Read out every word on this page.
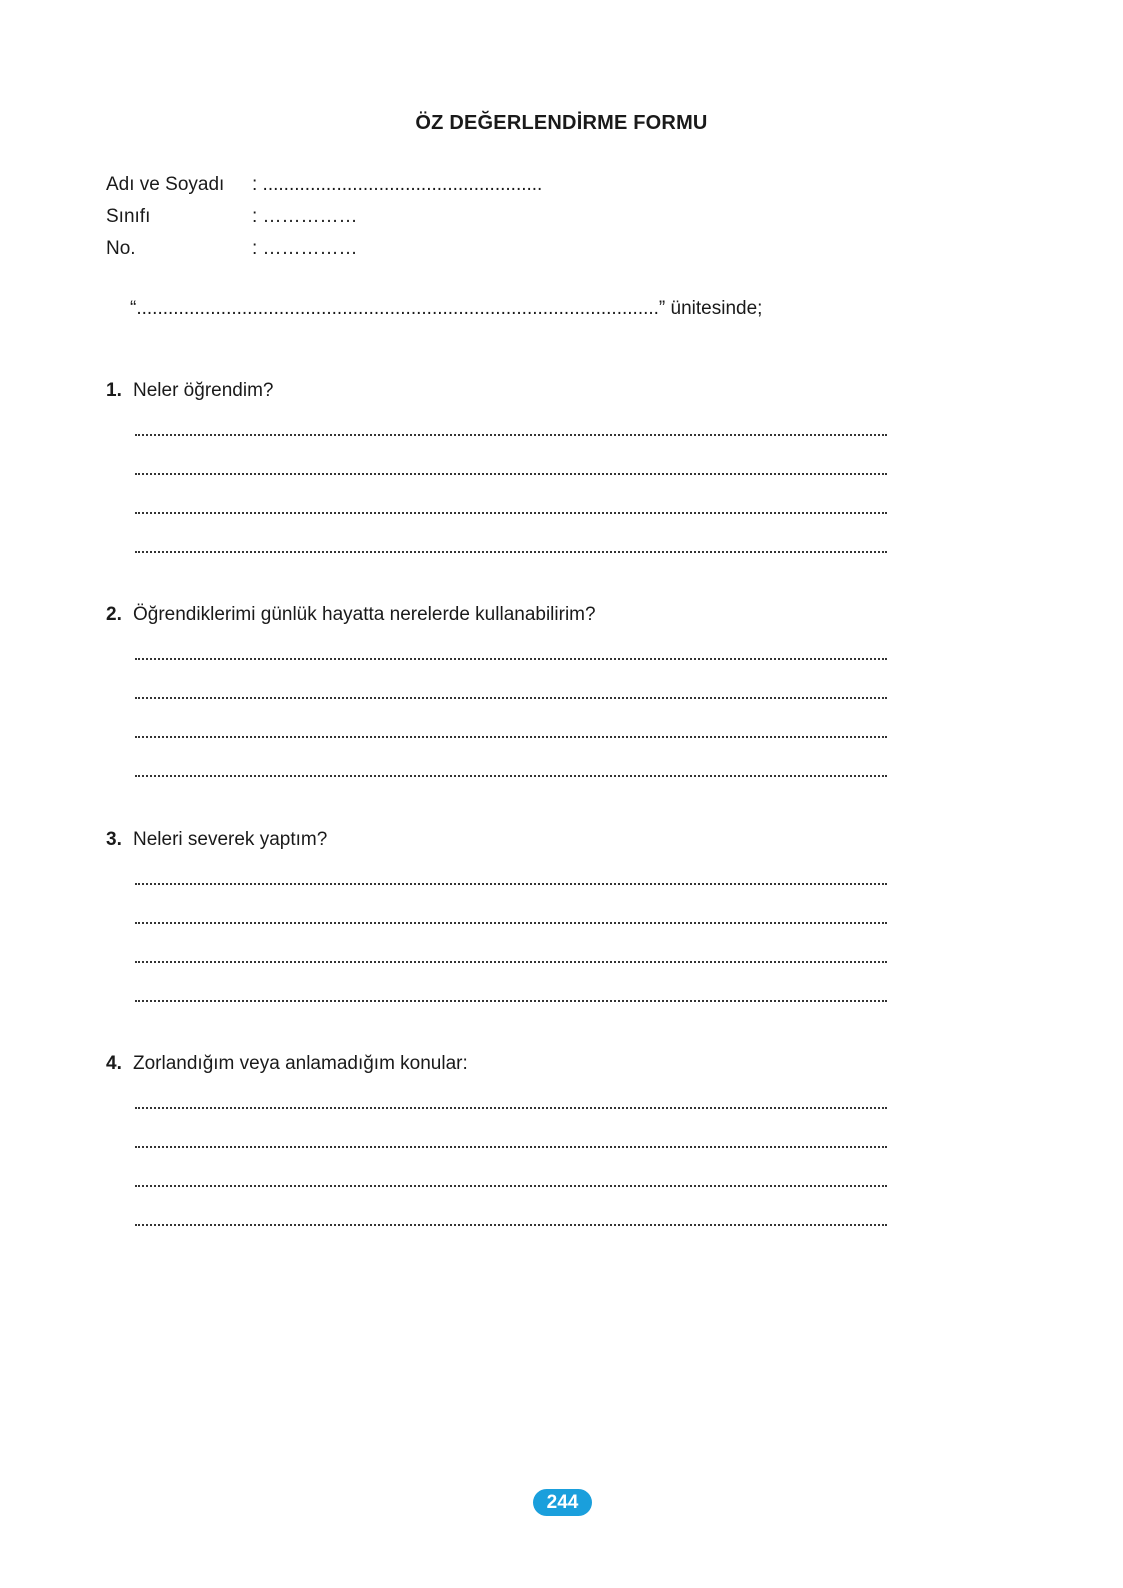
ÖZ DEĞERLENDİRME FORMU
Adı ve Soyadı : .....................................................
Sınıfı	: ……………
No.	: ……………
“...................................................................................................” ünitesinde;
1. Neler öğrendim?
2. Öğrendiklerimi günlük hayatta nerelerde kullanabilirim?
3. Neleri severek yaptım?
4. Zorlandığım veya anlamadığım konular:
244
